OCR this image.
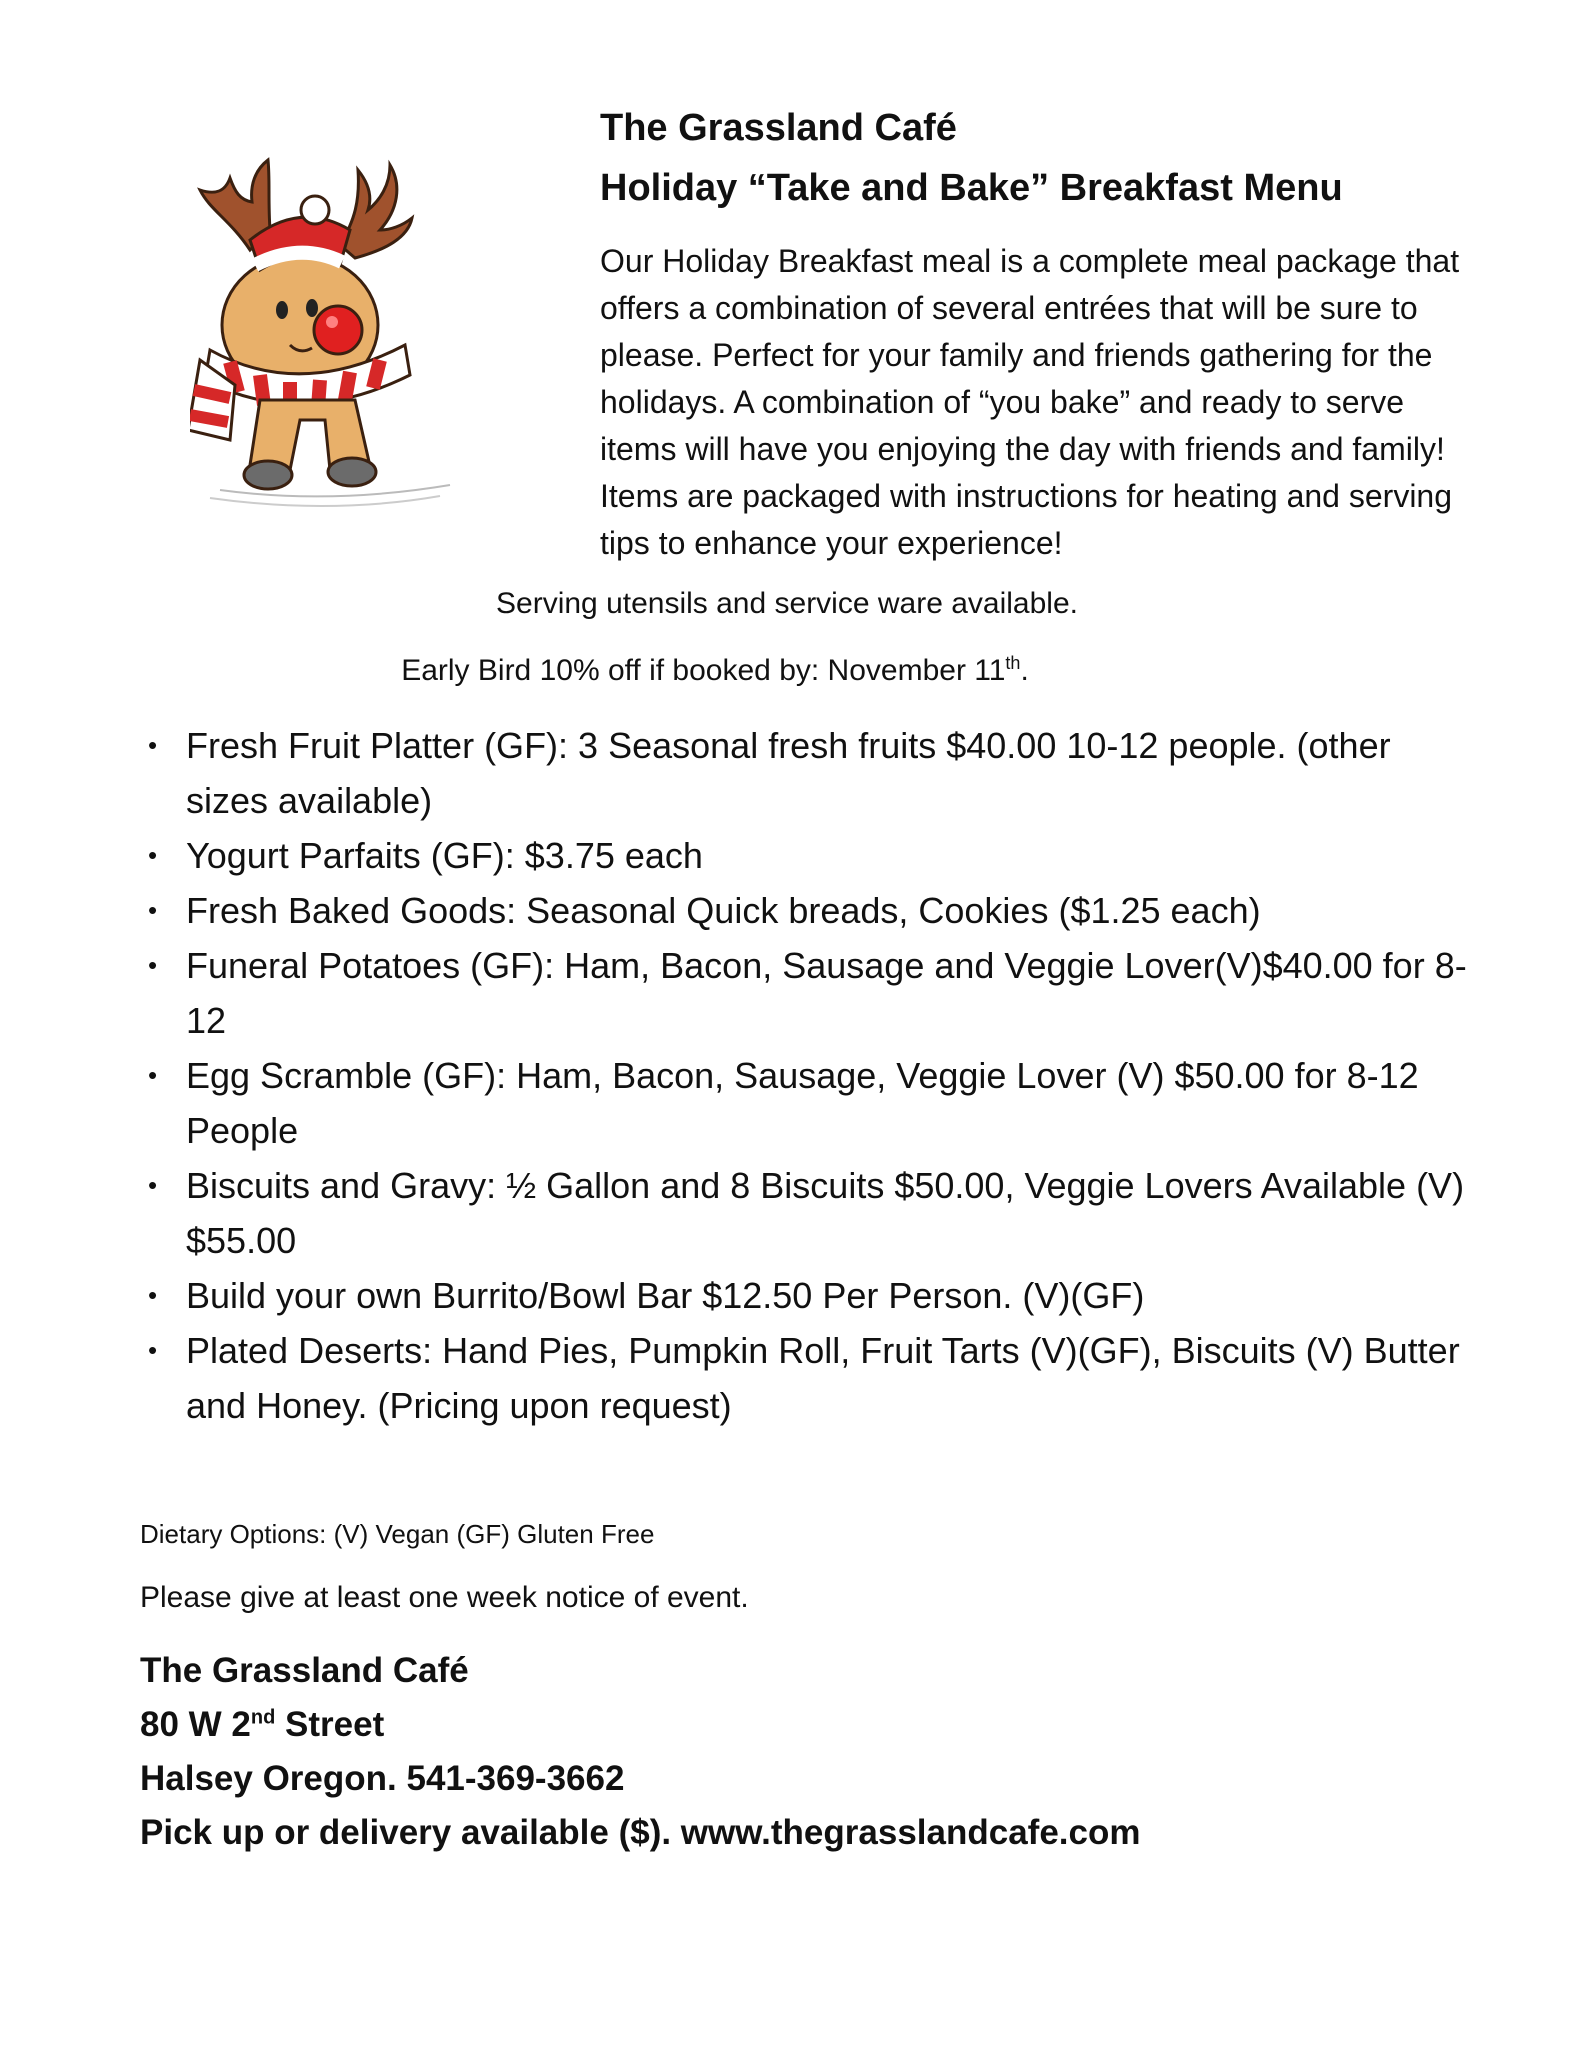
The Grassland Café

Holiday “Take and Bake” Breakfast Menu

Our Holiday Breakfast meal is a complete meal package that offers a combination of several entrées that will be sure to please. Perfect for your family and friends gathering for the holidays. A combination of “you bake” and ready to serve items will have you enjoying the day with friends and family! Items are packaged with instructions for heating and serving tips to enhance your experience!

Serving utensils and service ware available.
Early Bird 10% off if booked by: November 11th.
• Fresh Fruit Platter (GF): 3 Seasonal fresh fruits $40.00 10-12 people. (other sizes available)
• Yogurt Parfaits (GF): $3.75 each
• Fresh Baked Goods: Seasonal Quick breads, Cookies ($1.25 each)
• Funeral Potatoes (GF): Ham, Bacon, Sausage and Veggie Lover(V)$40.00 for 8-12
• Egg Scramble (GF): Ham, Bacon, Sausage, Veggie Lover (V) $50.00 for 8-12 People
• Biscuits and Gravy: ½ Gallon and 8 Biscuits $50.00, Veggie Lovers Available (V) $55.00
• Build your own Burrito/Bowl Bar $12.50 Per Person. (V)(GF)
• Plated Deserts: Hand Pies, Pumpkin Roll, Fruit Tarts (V)(GF), Biscuits (V) Butter and Honey. (Pricing upon request)
Dietary Options: (V) Vegan (GF) Gluten Free
Please give at least one week notice of event.
The Grassland Café
80 W 2nd Street
Halsey Oregon. 541-369-3662
Pick up or delivery available ($). www.thegrasslandcafe.com
